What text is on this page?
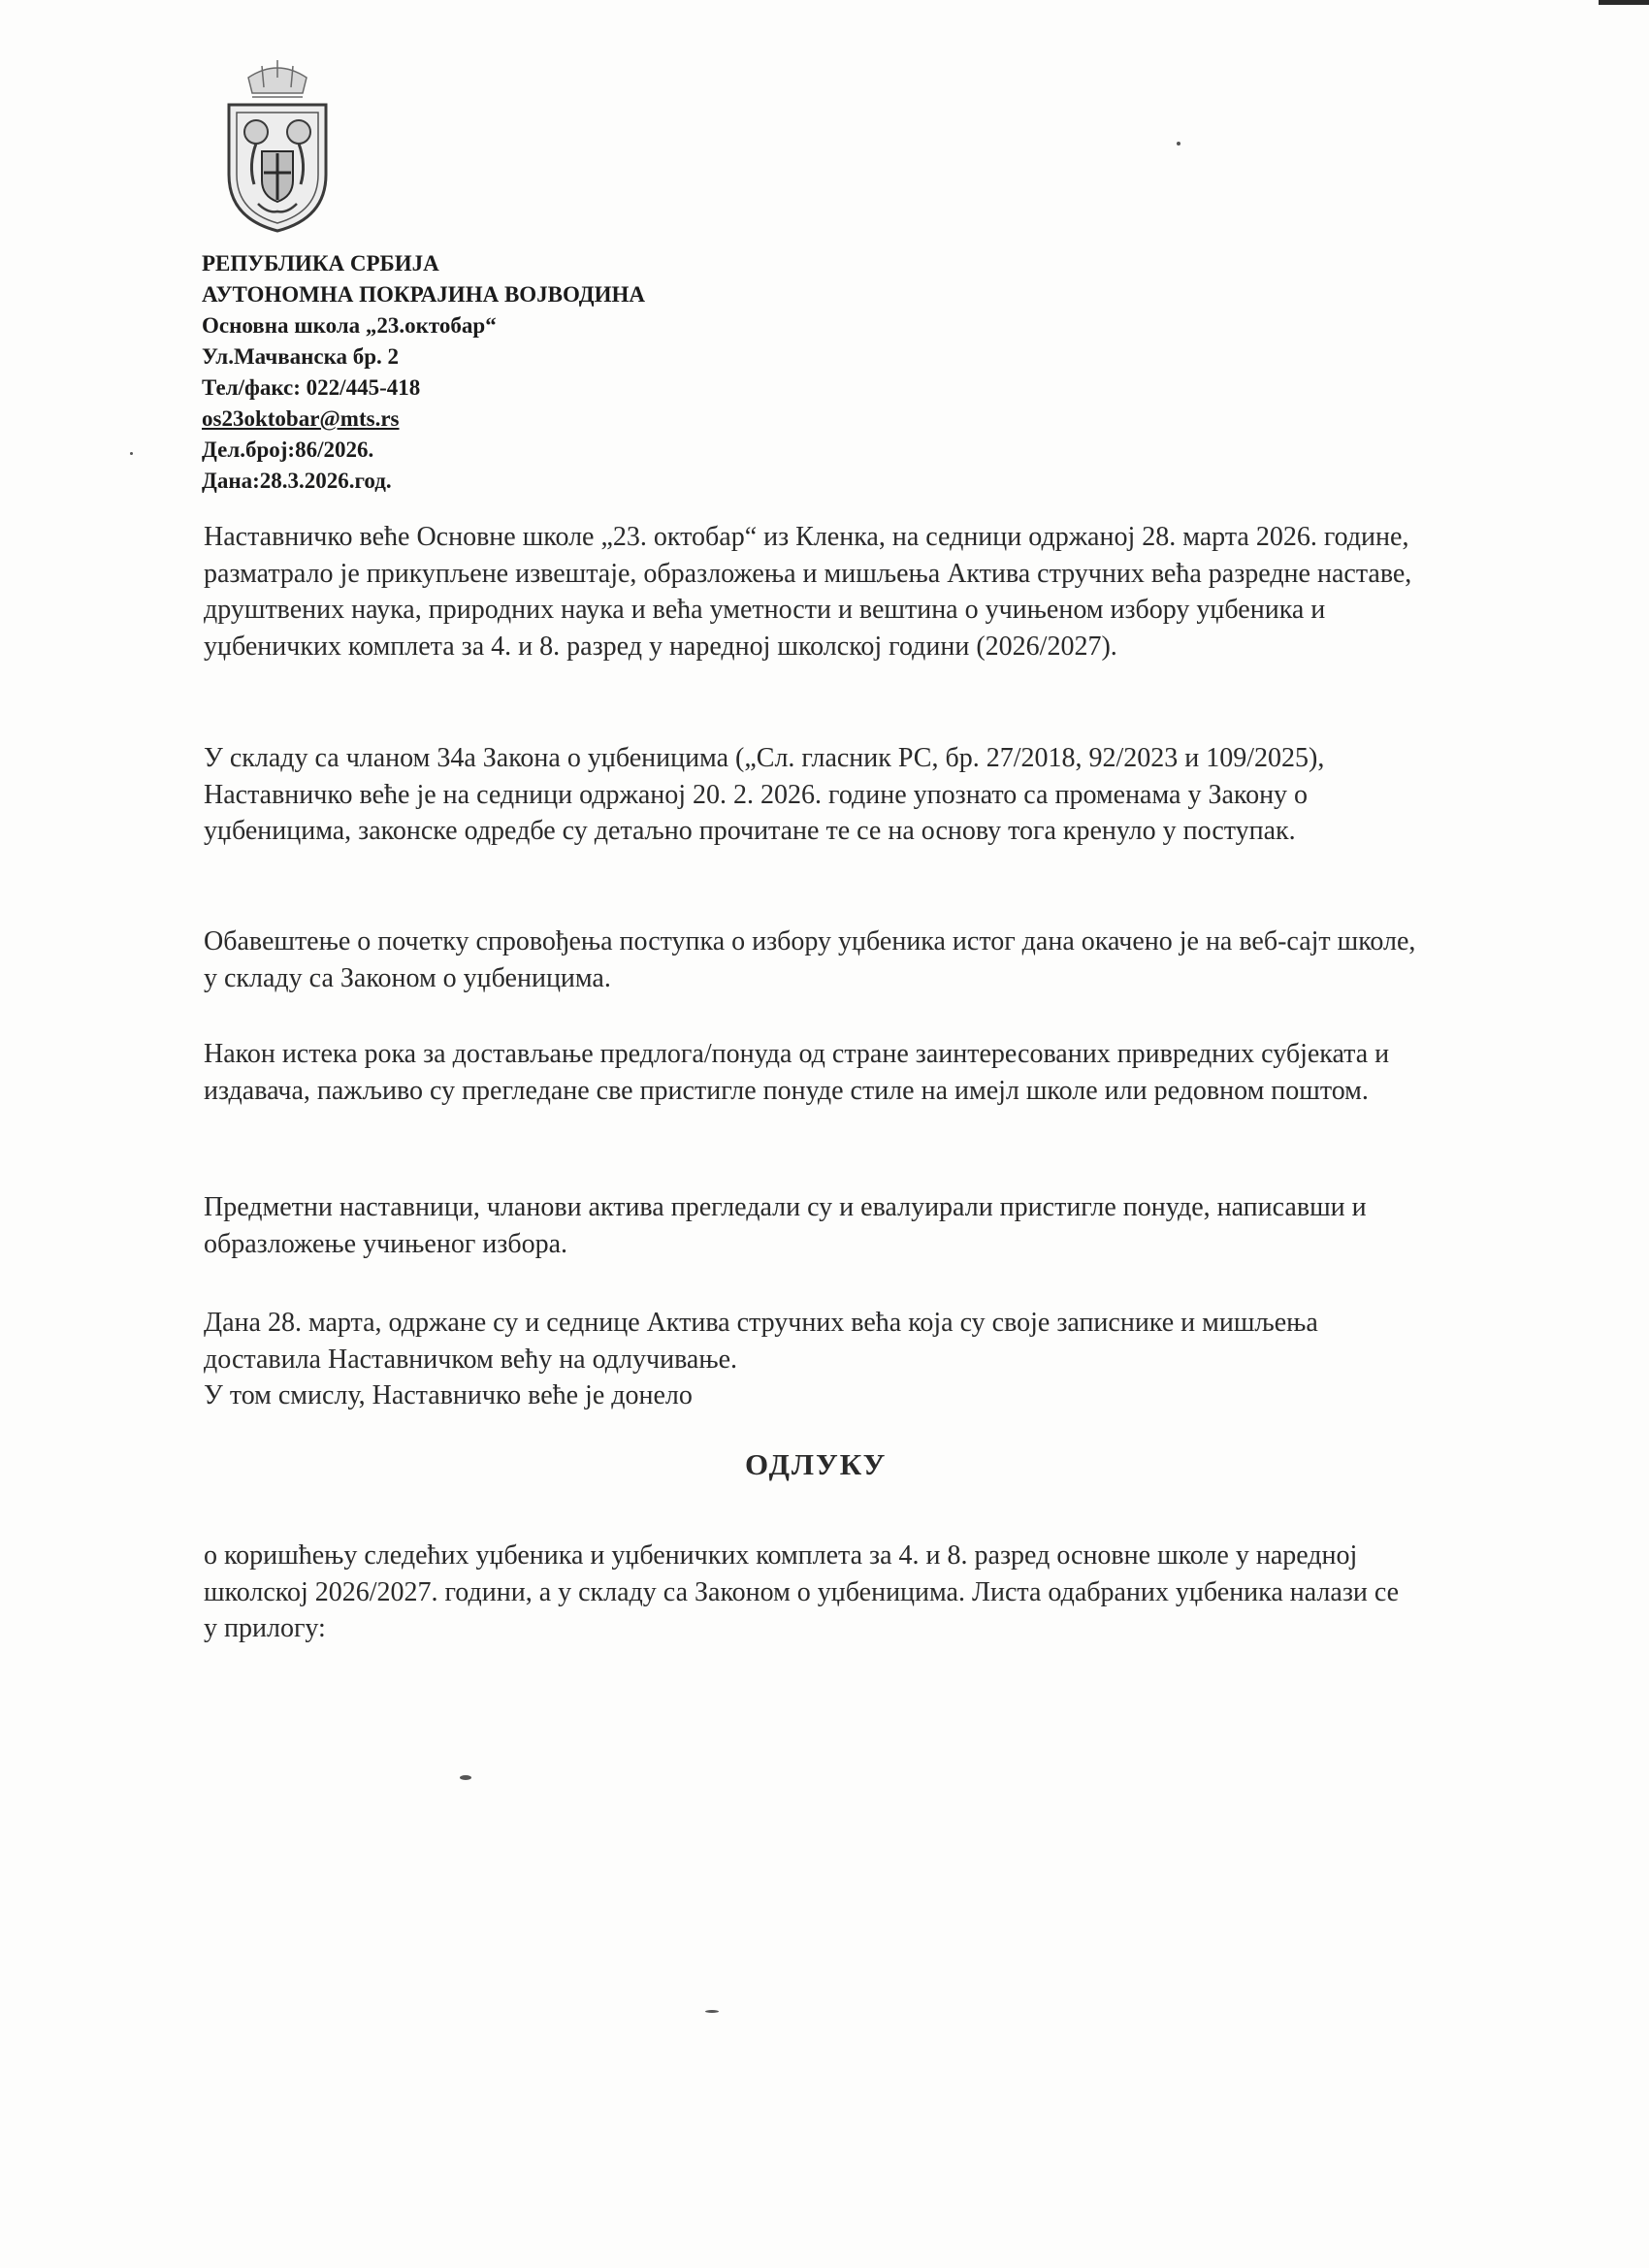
РЕПУБЛИКА СРБИЈА
АУТОНОМНА ПОКРАЈИНА ВОЈВОДИНА
Основна школа „23.октобар“
Ул.Мачванска бр. 2
Тел/факс: 022/445-418
os23oktobar@mts.rs
Дел.број:86/2026.
Дана:28.3.2026.год.

Наставничко веће Основне школе „23. октобар“ из Кленка, на седници одржаној 28. марта 2026. године, разматрало је прикупљене извештаје, образложења и мишљења Актива стручних већа разредне наставе, друштвених наука, природних наука и већа уметности и вештина о учињеном избору уџбеника и уџбеничких комплета за 4. и 8. разред у наредној школској години (2026/2027).

У складу са чланом 34а Закона о уџбеницима („Сл. гласник РС, бр. 27/2018, 92/2023 и 109/2025), Наставничко веће је на седници одржаној 20. 2. 2026. године упознато са променама у Закону о уџбеницима, законске одредбе су детаљно прочитане те се на основу тога кренуло у поступак.

Обавештење о почетку спровођења поступка о избору уџбеника истог дана окачено је на веб-сајт школе, у складу са Законом о уџбеницима.

Након истека рока за достављање предлога/понуда од стране заинтересованих привредних субјеката и издавача, пажљиво су прегледане све пристигле понуде стиле на имејл школе или редовном поштом.

Предметни наставници, чланови актива прегледали су и евалуирали пристигле понуде, написавши и образложење учињеног избора.

Дана 28. марта, одржане су и седнице Актива стручних већа која су своје записнике и мишљења доставила Наставничком већу на одлучивање.

У том смислу, Наставничко веће је донело

ОДЛУКУ

о коришћењу следећих уџбеника и уџбеничких комплета за 4. и 8. разред основне школе у наредној школској 2026/2027. години, а у складу са Законом о уџбеницима. Листа одабраних уџбеника налази се у прилогу:
